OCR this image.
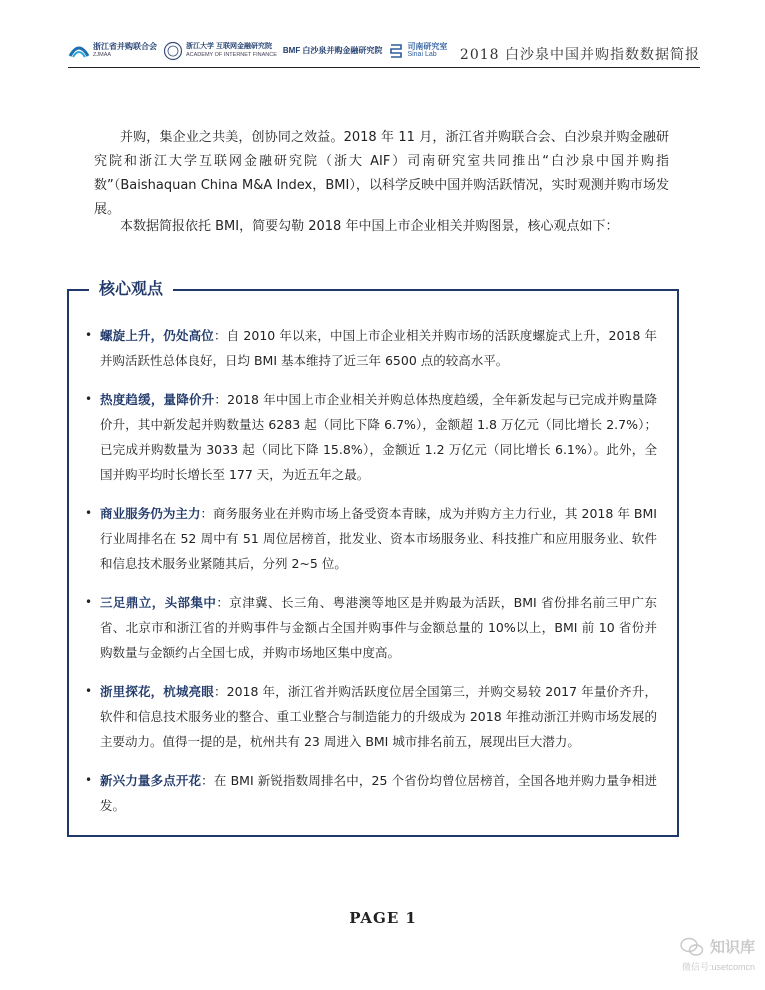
浙江省并购联合会
ZJMAA
浙江大学 互联网金融研究院
ACADEMY OF INTERNET FINANCE BMF 白沙泉并购金融研究院	司南研究室
Sinai Lab	2018 白沙泉中国并购指数数据简报
并购，集企业之共美，创协同之效益。2018 年 11 月，浙江省并购联合会、白沙泉并购金融研究院和浙江大学互联网金融研究院（浙大 AIF）司南研究室共同推出“白沙泉中国并购指数”（Baishaquan China M&A Index，BMI），以科学反映中国并购活跃情况，实时观测并购市场发展。
本数据简报依托 BMI，简要勾勒 2018 年中国上市企业相关并购图景，核心观点如下：
核心观点
• 螺旋上升，仍处高位：自 2010 年以来，中国上市企业相关并购市场的活跃度螺旋式上升，2018 年并购活跃性总体良好，日均 BMI 基本维持了近三年 6500 点的较高水平。
• 热度趋缓，量降价升：2018 年中国上市企业相关并购总体热度趋缓，全年新发起与已完成并购量降价升，其中新发起并购数量达 6283 起（同比下降 6.7%），金额超 1.8 万亿元（同比增长 2.7%）；已完成并购数量为 3033 起（同比下降 15.8%），金额近 1.2 万亿元（同比增长 6.1%）。此外，全国并购平均时长增长至 177 天，为近五年之最。
• 商业服务仍为主力：商务服务业在并购市场上备受资本青睐，成为并购方主力行业，其 2018 年 BMI 行业周排名在 52 周中有 51 周位居榜首，批发业、资本市场服务业、科技推广和应用服务业、软件和信息技术服务业紧随其后，分列 2~5 位。
• 三足鼎立，头部集中：京津冀、长三角、粤港澳等地区是并购最为活跃，BMI 省份排名前三甲广东省、北京市和浙江省的并购事件与金额占全国并购事件与金额总量的 10%以上，BMI 前 10 省份并购数量与金额约占全国七成，并购市场地区集中度高。
• 浙里探花，杭城亮眼：2018 年，浙江省并购活跃度位居全国第三，并购交易较 2017 年量价齐升，软件和信息技术服务业的整合、重工业整合与制造能力的升级成为 2018 年推动浙江并购市场发展的主要动力。值得一提的是，杭州共有 23 周进入 BMI 城市排名前五，展现出巨大潜力。
• 新兴力量多点开花：在 BMI 新锐指数周排名中，25 个省份均曾位居榜首，全国各地并购力量争相迸发。
PAGE 1
知识库
微信号:usetcomcn
